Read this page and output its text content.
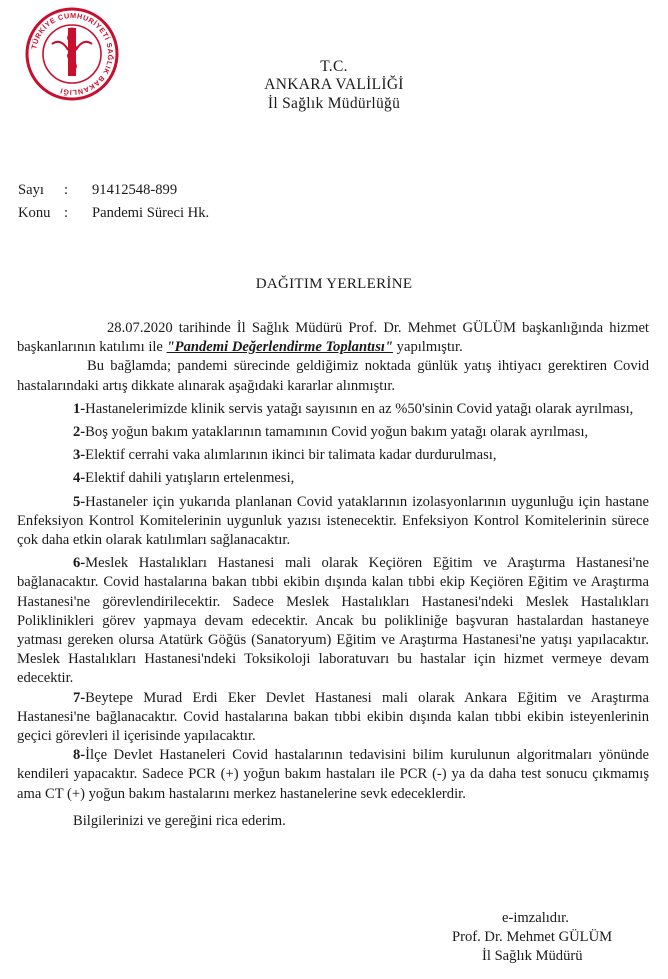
TÜRKİYE CUMHURİYETİ SAĞLIK BAKANLIĞI
T.C.
ANKARA VALİLİĞİ
İl Sağlık Müdürlüğü
Sayı : 91412548-899
Konu : Pandemi Süreci Hk.
DAĞITIM YERLERİNE

28.07.2020 tarihinde İl Sağlık Müdürü Prof. Dr. Mehmet GÜLÜM başkanlığında hizmet başkanlarının katılımı ile "Pandemi Değerlendirme Toplantısı" yapılmıştır.

Bu bağlamda; pandemi sürecinde geldiğimiz noktada günlük yatış ihtiyacı gerektiren Covid hastalarındaki artış dikkate alınarak aşağıdaki kararlar alınmıştır.

1-Hastanelerimizde klinik servis yatağı sayısının en az %50'sinin Covid yatağı olarak ayrılması,

2-Boş yoğun bakım yataklarının tamamının Covid yoğun bakım yatağı olarak ayrılması,

3-Elektif cerrahi vaka alımlarının ikinci bir talimata kadar durdurulması,

4-Elektif dahili yatışların ertelenmesi,

5-Hastaneler için yukarıda planlanan Covid yataklarının izolasyonlarının uygunluğu için hastane Enfeksiyon Kontrol Komitelerinin uygunluk yazısı istenecektir. Enfeksiyon Kontrol Komitelerinin sürece çok daha etkin olarak katılımları sağlanacaktır.

6-Meslek Hastalıkları Hastanesi mali olarak Keçiören Eğitim ve Araştırma Hastanesi'ne bağlanacaktır. Covid hastalarına bakan tıbbi ekibin dışında kalan tıbbi ekip Keçiören Eğitim ve Araştırma Hastanesi'ne görevlendirilecektir. Sadece Meslek Hastalıkları Hastanesi'ndeki Meslek Hastalıkları Poliklinikleri görev yapmaya devam edecektir. Ancak bu polikliniğe başvuran hastalardan hastaneye yatması gereken olursa Atatürk Göğüs (Sanatoryum) Eğitim ve Araştırma Hastanesi'ne yatışı yapılacaktır. Meslek Hastalıkları Hastanesi'ndeki Toksikoloji laboratuvarı bu hastalar için hizmet vermeye devam edecektir.

7-Beytepe Murad Erdi Eker Devlet Hastanesi mali olarak Ankara Eğitim ve Araştırma Hastanesi'ne bağlanacaktır. Covid hastalarına bakan tıbbi ekibin dışında kalan tıbbi ekibin isteyenlerinin geçici görevleri il içerisinde yapılacaktır.

8-İlçe Devlet Hastaneleri Covid hastalarının tedavisini bilim kurulunun algoritmaları yönünde kendileri yapacaktır. Sadece PCR (+) yoğun bakım hastaları ile PCR (-) ya da daha test sonucu çıkmamış ama CT (+) yoğun bakım hastalarını merkez hastanelerine sevk edeceklerdir.

Bilgilerinizi ve gereğini rica ederim.

e-imzalıdır.
Prof. Dr. Mehmet GÜLÜM
İl Sağlık Müdürü
